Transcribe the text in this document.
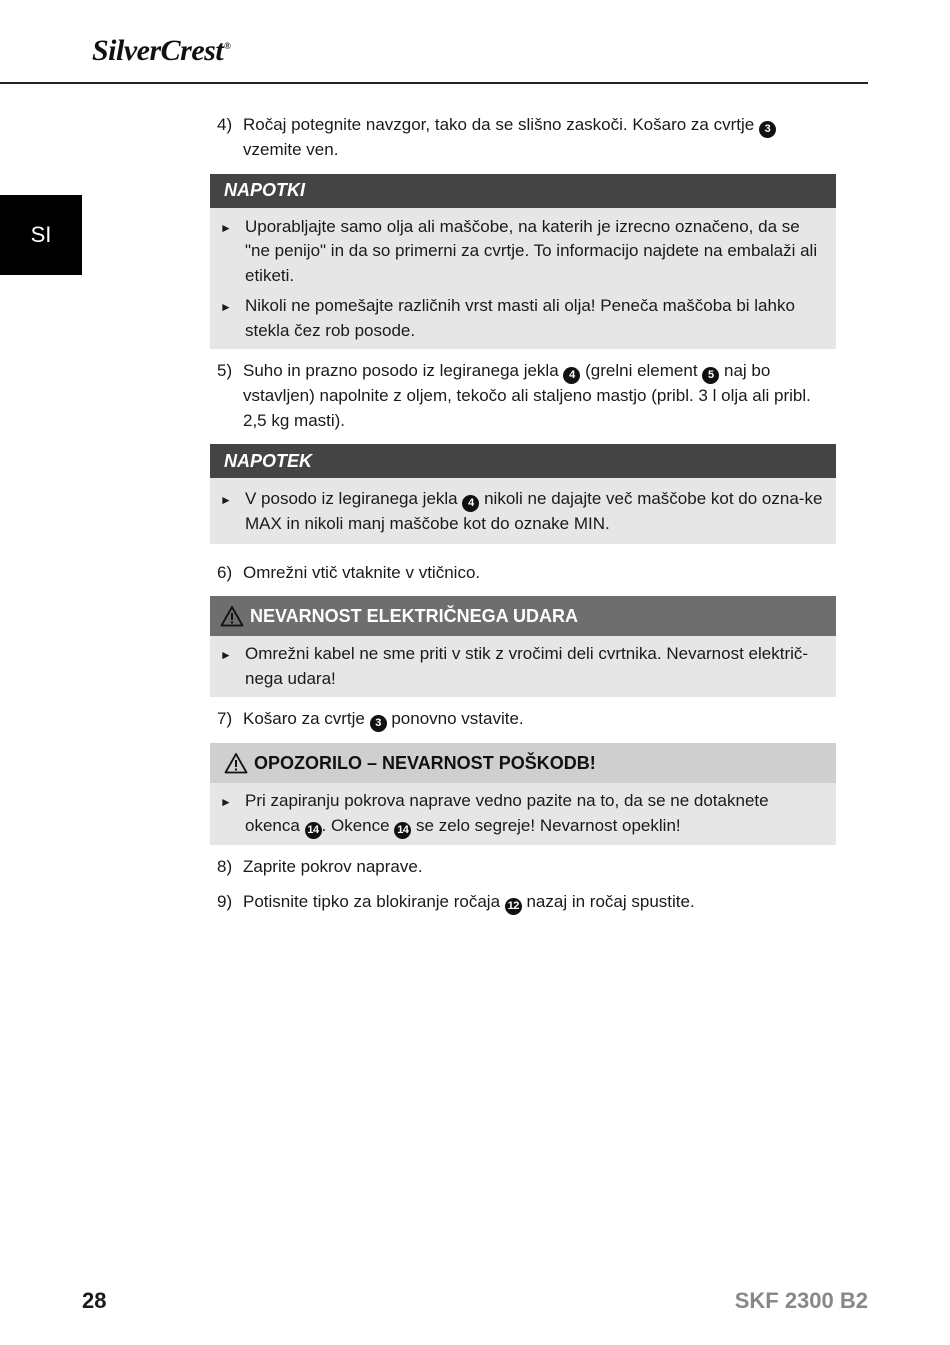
SilverCrest®
SI
4) Ročaj potegnite navzgor, tako da se slišno zaskoči. Košaro za cvrtje 3 vzemite ven.
NAPOTKI
► Uporabljajte samo olja ali maščobe, na katerih je izrecno označeno, da se "ne penijo" in da so primerni za cvrtje. To informacijo najdete na embalaži ali etiketi.
► Nikoli ne pomešajte različnih vrst masti ali olja! Peneča maščoba bi lahko stekla čez rob posode.
5) Suho in prazno posodo iz legiranega jekla 4 (grelni element 5 naj bo vstavljen) napolnite z oljem, tekočo ali staljeno mastjo (pribl. 3 l olja ali pribl. 2,5 kg masti).
NAPOTEK
► V posodo iz legiranega jekla 4 nikoli ne dajajte več maščobe kot do ozna-ke MAX in nikoli manj maščobe kot do oznake MIN.
6) Omrežni vtič vtaknite v vtičnico.
NEVARNOST ELEKTRIČNEGA UDARA
► Omrežni kabel ne sme priti v stik z vročimi deli cvrtnika. Nevarnost električ-nega udara!
7) Košaro za cvrtje 3 ponovno vstavite.
OPOZORILO – NEVARNOST POŠKODB!
► Pri zapiranju pokrova naprave vedno pazite na to, da se ne dotaknete okenca 14 . Okence 14 se zelo segreje! Nevarnost opeklin!
8) Zaprite pokrov naprave.
9) Potisnite tipko za blokiranje ročaja 12 nazaj in ročaj spustite.
28	SKF 2300 B2
